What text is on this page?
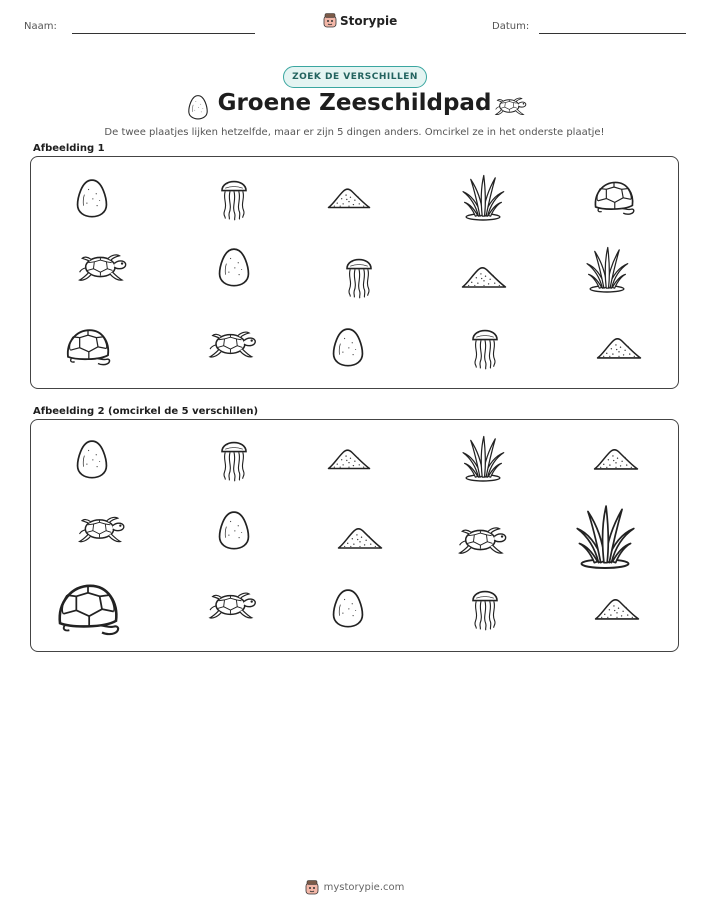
Naam:	Storypie	Datum:
ZOEK DE VERSCHILLEN
Groene Zeeschildpad
De twee plaatjes lijken hetzelfde, maar er zijn 5 dingen anders. Omcirkel ze in het onderste plaatje!
Afbeelding 1
Afbeelding 2 (omcirkel de 5 verschillen)
mystorypie.com
